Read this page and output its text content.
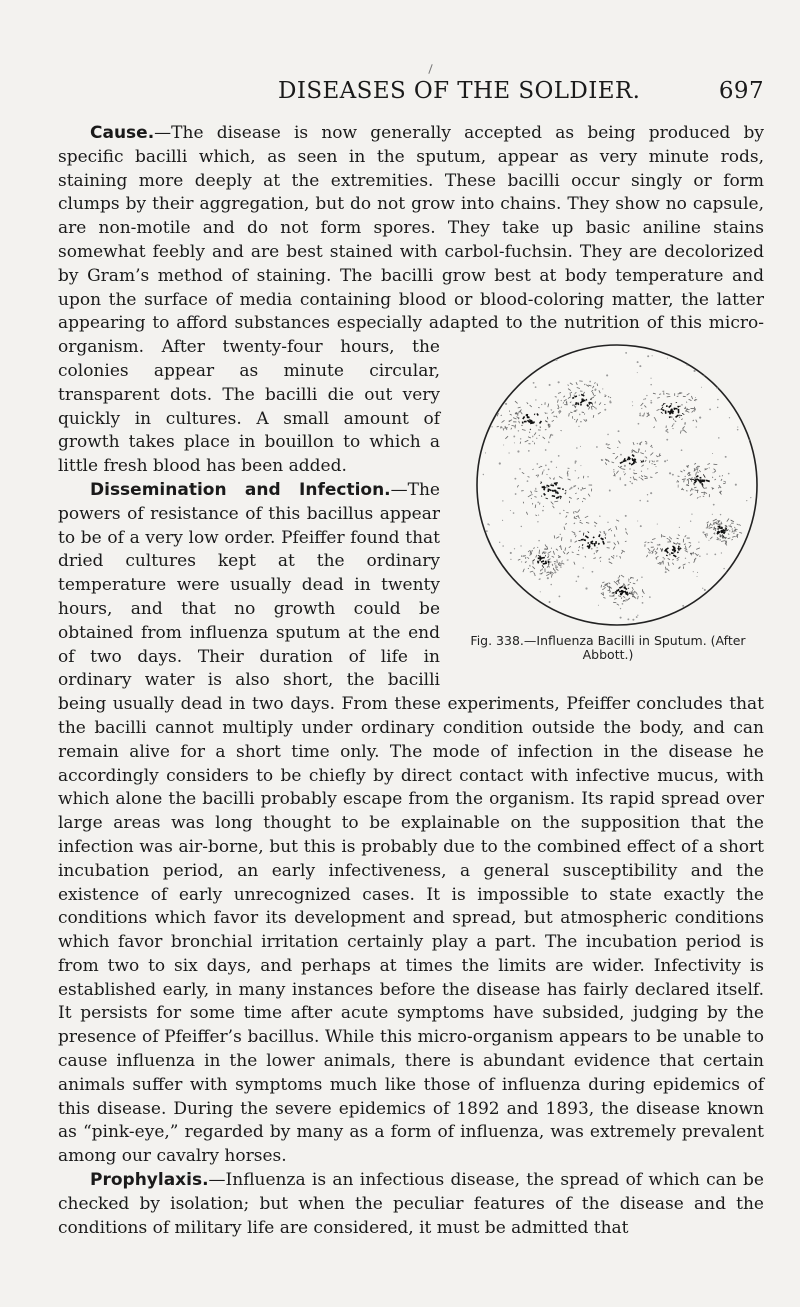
DISEASES OF THE SOLDIER.	697

Cause.—The disease is now generally accepted as being produced by specific bacilli which, as seen in the sputum, appear as very minute rods, staining more deeply at the extremities. These bacilli occur singly or form clumps by their aggregation, but do not grow into chains. They show no capsule, are non-motile and do not form spores. They take up basic aniline stains somewhat feebly and are best stained with carbol-fuchsin. They are decolorized by Gram’s method of staining. The bacilli grow best at body temperature and upon the surface of media containing blood or blood-coloring matter, the latter appearing to afford substances especially adapted to the nutrition of this micro-organism. After twenty-four hours,
Fig. 338.—Influenza Bacilli in Sputum. (After Abbott.)
the colonies appear as minute circular, transparent dots. The bacilli die out very quickly in cultures. A small amount of growth takes place in bouillon to which a little fresh blood has been added.

Dissemination and Infection.—The powers of resistance of this bacillus appear to be of a very low order. Pfeiffer found that dried cultures kept at the ordinary temperature were usually dead in twenty hours, and that no growth could be obtained from influenza sputum at the end of two days. Their duration of life in ordinary water is also short, the bacilli being usually dead in two days. From these experiments, Pfeiffer concludes that the bacilli cannot multiply under ordinary condition outside the body, and can remain alive for a short time only. The mode of infection in the disease he accordingly considers to be chiefly by direct contact with infective mucus, with which alone the bacilli probably escape from the organism. Its rapid spread over large areas was long thought to be explainable on the supposition that the infection was air-borne, but this is probably due to the combined effect of a short incubation period, an early infectiveness, a general susceptibility and the existence of early unrecognized cases. It is impossible to state exactly the conditions which favor its development and spread, but atmospheric conditions which favor bronchial irritation certainly play a part. The incubation period is from two to six days, and perhaps at times the limits are wider. Infectivity is established early, in many instances before the disease has fairly declared itself. It persists for some time after acute symptoms have subsided, judging by the presence of Pfeiffer’s bacillus. While this micro-organism appears to be unable to cause influenza in the lower animals, there is abundant evidence that certain animals suffer with symptoms much like those of influenza during epidemics of this disease. During the severe epidemics of 1892 and 1893, the disease known as “pink-eye,” regarded by many as a form of influenza, was extremely prevalent among our cavalry horses.

Prophylaxis.—Influenza is an infectious disease, the spread of which can be checked by isolation; but when the peculiar features of the disease and the conditions of military life are considered, it must be admitted that
